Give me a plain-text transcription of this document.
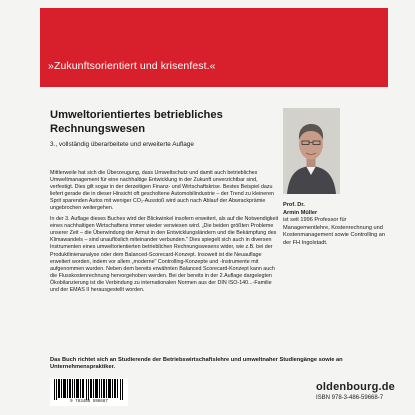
»Zukunftsorientiert und krisenfest.«
Umweltorientiertes betriebliches
Rechnungswesen
3., vollständig überarbeitete und erweiterte Auflage

Mittlerweile hat sich die Überzeugung, dass Umweltschutz und damit auch betriebliches Umweltmanagement für eine nachhaltige Entwicklung in der Zukunft unverzichtbar sind, verfestigt. Dies gilt sogar in der derzeitigen Finanz- und Wirtschaftskrise. Bestes Beispiel dazu liefert gerade die in dieser Hinsicht oft gescholtene Automobilindustrie – der Trend zu kleineren Sprit sparenden Autos mit weniger CO₂-Ausstoß wird auch nach Ablauf der Abwrackprämie ungebrochen weitergehen.

In der 3. Auflage dieses Buches wird der Blickwinkel insofern erweitert, als auf die Notwendigkeit eines nachhaltigen Wirtschaftens immer wieder verwiesen wird. „Die beiden größten Probleme unserer Zeit – die Überwindung der Armut in den Entwicklungsländern und die Bekämpfung des Klimawandels – sind unauflöslich miteinander verbunden." Dies spiegelt sich auch in diversen Instrumenten eines umweltorientierten betrieblichen Rechnungswesens wider, wie z.B. bei der Produktlinienanalyse oder dem Balanced-Scorecard-Konzept. Insoweit ist die Neuauflage erweitert worden, indem vor allem „moderne" Controlling-Konzepte und -Instrumente mit aufgenommen wurden. Neben dem bereits erwähnten Balanced Scorecard-Konzept kann auch die Flusskostenrechnung hervorgehoben werden. Bei der bereits in der 2.Auflage dargelegten Ökobilanzierung ist die Verbindung zu internationalen Normen aus der DIN ISO-140...-Familie und der EMAS II herausgestellt worden.

Prof. Dr.
Armin Müller
ist seit 1996 Professor für Managementlehre, Kostenrechnung und Kostenmanagement sowie Controlling an der FH Ingolstadt.
Das Buch richtet sich an Studierende der Betriebswirtschaftslehre und umweltnaher Studiengänge sowie an Unternehmenspraktiker.
9 783486 596687
oldenbourg.de
ISBN 978-3-486-59668-7
